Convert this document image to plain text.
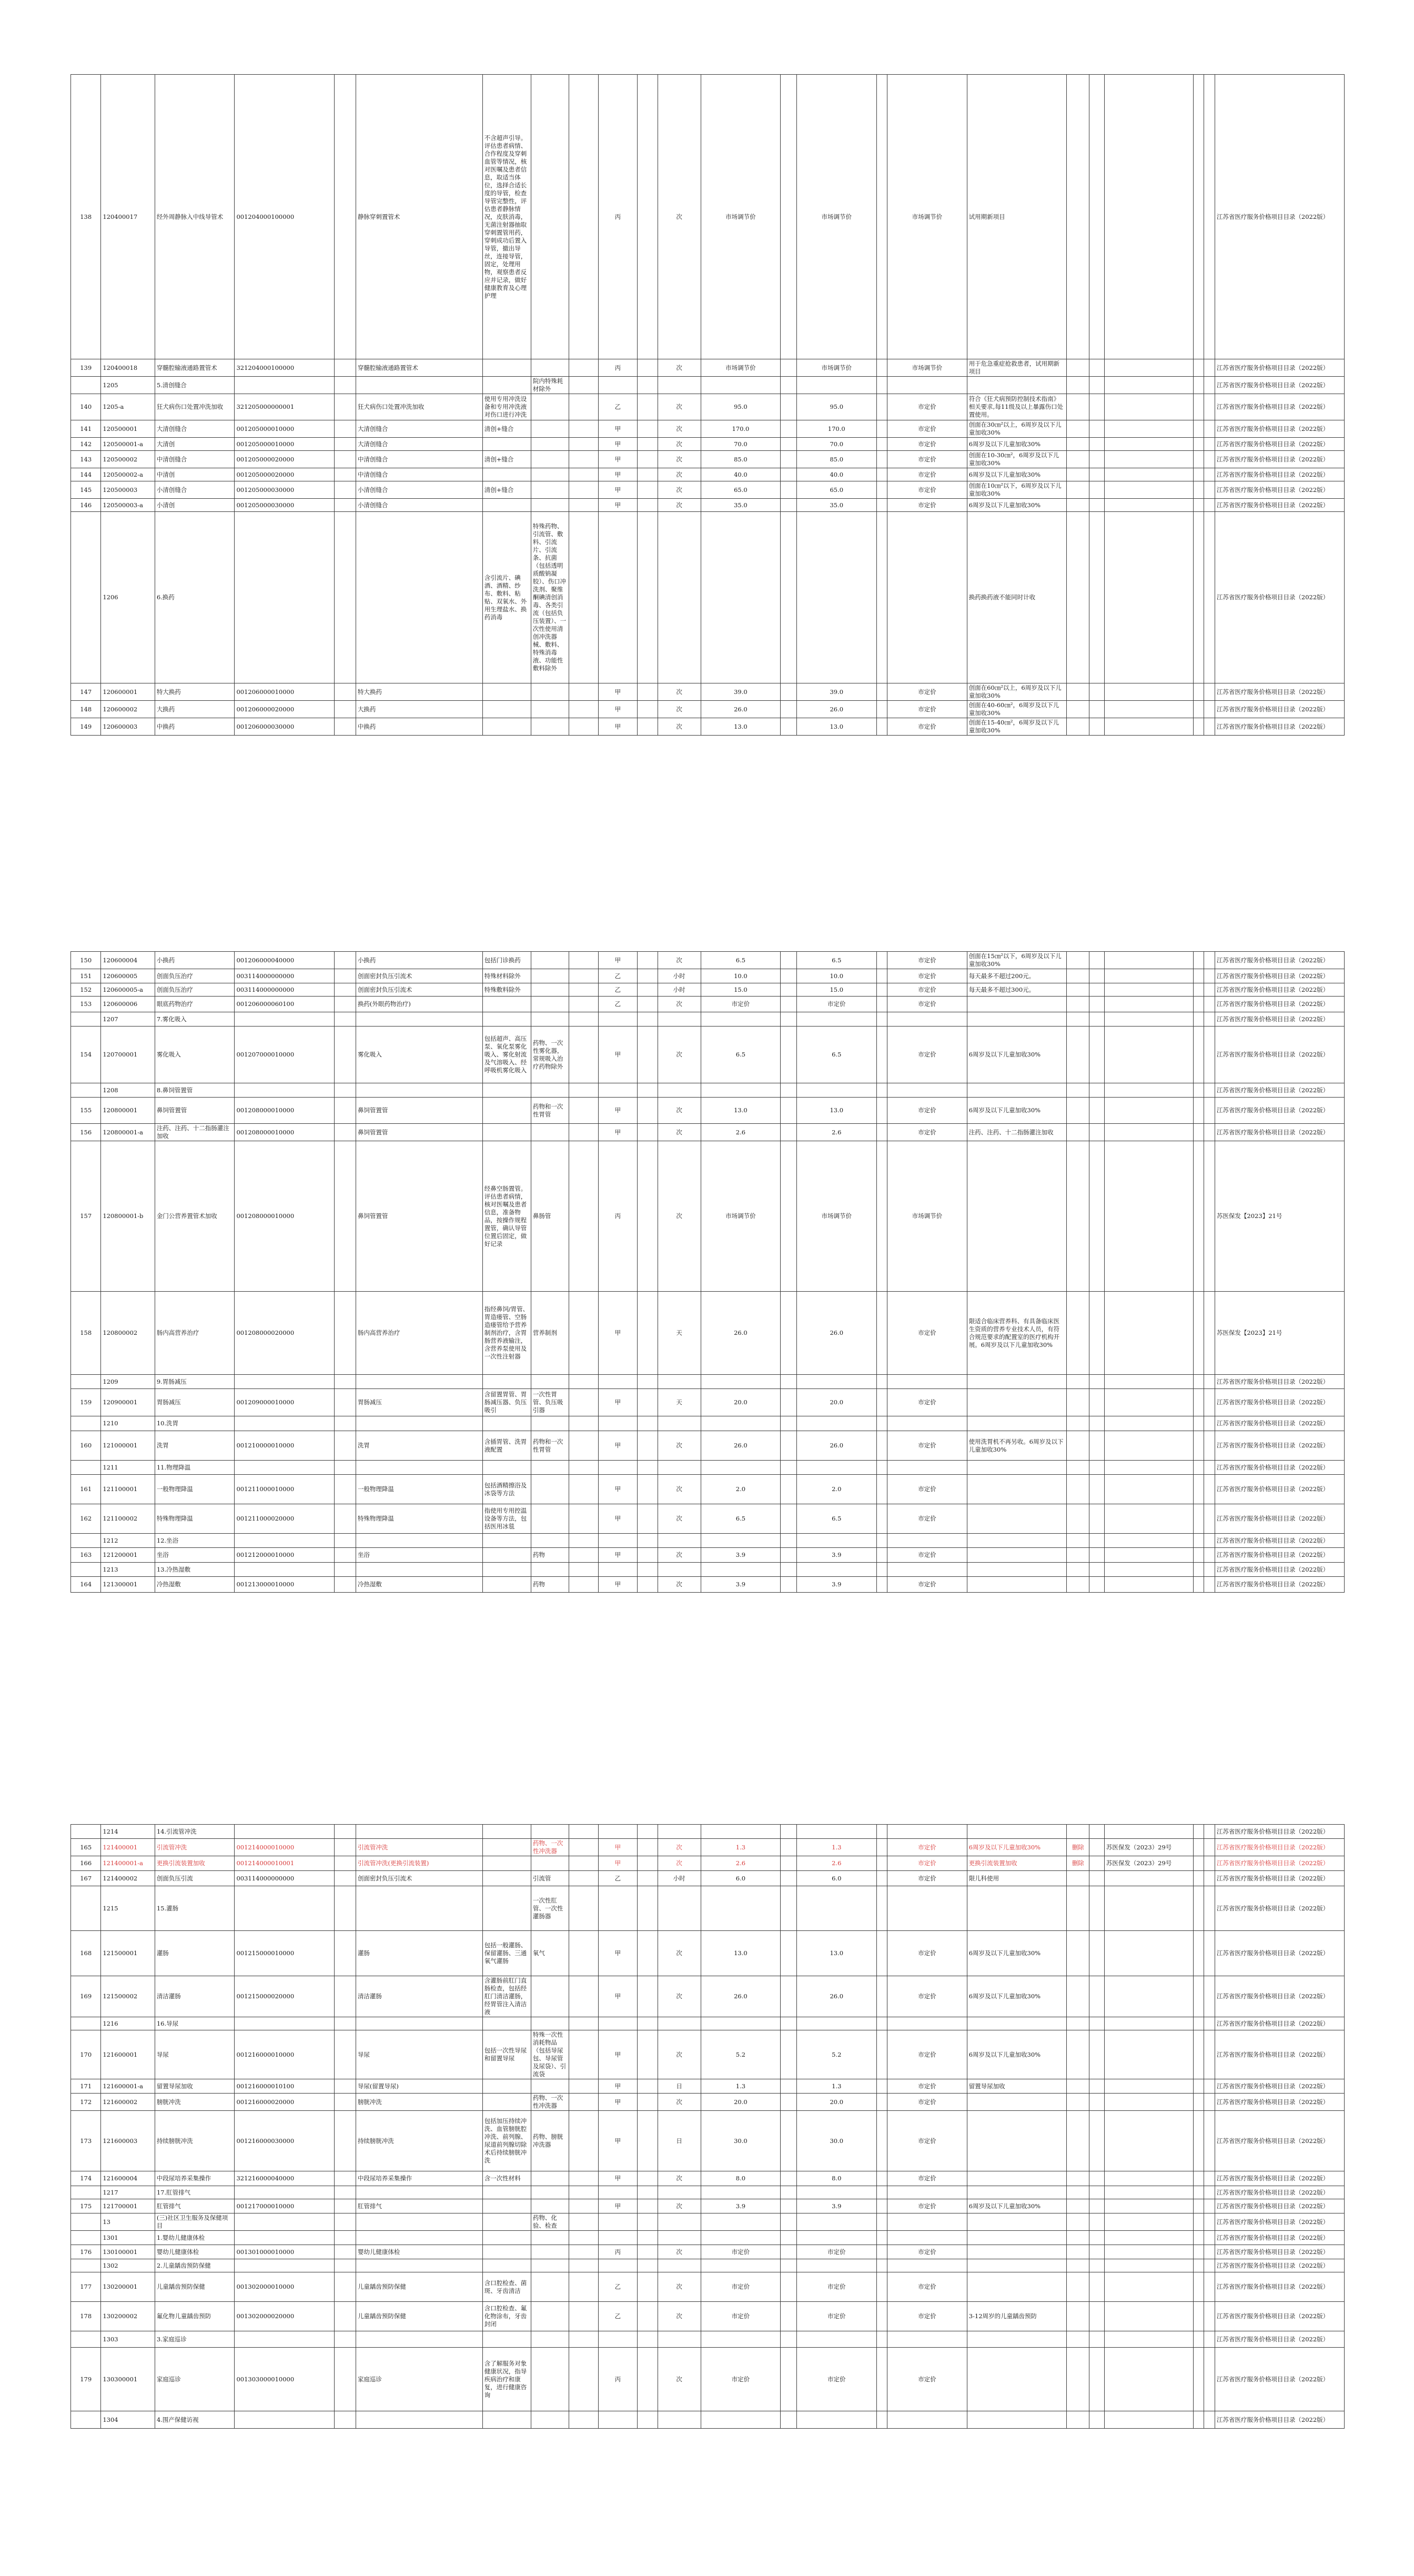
138	120400017	经外周静脉入中线导管术	001204000100000		静脉穿刺置管术	不含超声引导。评估患者病情、合作程度及穿刺血管等情况，核对医嘱及患者信息，取适当体位，选择合适长度的导管，检查导管完整性，评估患者静脉情况，皮肤消毒，无菌注射器抽取穿刺置管用药，穿刺成功后置入导管，撤出导丝，连接导管，固定，处理用物，观察患者反应并记录，做好健康教育及心理护理			丙		次	市场调节价		市场调节价		市场调节价	试用期新项目						江苏省医疗服务价格项目目录（2022版）
139	120400018	穿髓腔输液通路置管术	321204000100000		穿髓腔输液通路置管术				丙		次	市场调节价		市场调节价		市场调节价	用于危急重症抢救患者，试用期新项目						江苏省医疗服务价格项目目录（2022版）
	1205	5.清创缝合					院内特殊耗材除外																江苏省医疗服务价格项目目录（2022版）
140	1205-a	狂犬病伤口处置冲洗加收	321205000000001		狂犬病伤口处置冲洗加收	使用专用冲洗设备和专用冲洗液对伤口进行冲洗			乙		次	95.0		95.0		市定价	符合《狂犬病预防控制技术指南》相关要求,每11级及以上暴露伤口处置使用。						江苏省医疗服务价格项目目录（2022版）
141	120500001	大清创缝合	001205000010000		大清创缝合	清创+缝合			甲		次	170.0		170.0		市定价	创面在30㎝²以上，6周岁及以下儿童加收30%						江苏省医疗服务价格项目目录（2022版）
142	120500001-a	大清创	001205000010000		大清创缝合				甲		次	70.0		70.0		市定价	6周岁及以下儿童加收30%						江苏省医疗服务价格项目目录（2022版）
143	120500002	中清创缝合	001205000020000		中清创缝合	清创+缝合			甲		次	85.0		85.0		市定价	创面在10-30㎝²，6周岁及以下儿童加收30%						江苏省医疗服务价格项目目录（2022版）
144	120500002-a	中清创	001205000020000		中清创缝合				甲		次	40.0		40.0		市定价	6周岁及以下儿童加收30%						江苏省医疗服务价格项目目录（2022版）
145	120500003	小清创缝合	001205000030000		小清创缝合	清创+缝合			甲		次	65.0		65.0		市定价	创面在10㎝²以下，6周岁及以下儿童加收30%						江苏省医疗服务价格项目目录（2022版）
146	120500003-a	小清创	001205000030000		小清创缝合				甲		次	35.0		35.0		市定价	6周岁及以下儿童加收30%						江苏省医疗服务价格项目目录（2022版）
	1206	6.换药				含引流片、碘酒、酒精、纱布、敷料、粘贴、双氧水、外用生理盐水、换药消毒	特殊药物、引流管、敷料、引流片、引流条、抗菌（包括透明质酸钠凝胶）、伤口冲洗剂、聚维酮碘清创消毒、各类引流（包括负压装置）、一次性使用清创冲洗器械、敷料、特殊消毒液、功能性敷料除外										换药换药液不能同时计收						江苏省医疗服务价格项目目录（2022版）
147	120600001	特大换药	001206000010000		特大换药				甲		次	39.0		39.0		市定价	创面在60㎝²以上，6周岁及以下儿童加收30%						江苏省医疗服务价格项目目录（2022版）
148	120600002	大换药	001206000020000		大换药				甲		次	26.0		26.0		市定价	创面在40-60㎝²，6周岁及以下儿童加收30%						江苏省医疗服务价格项目目录（2022版）
149	120600003	中换药	001206000030000		中换药				甲		次	13.0		13.0		市定价	创面在15-40㎝²，6周岁及以下儿童加收30%						江苏省医疗服务价格项目目录（2022版）
150	120600004	小换药	001206000040000		小换药	包括门诊换药			甲		次	6.5		6.5		市定价	创面在15㎝²以下，6周岁及以下儿童加收30%						江苏省医疗服务价格项目目录（2022版）
151	120600005	创面负压治疗	003114000000000		创面密封负压引流术	特殊材料除外			乙		小时	10.0		10.0		市定价	每天最多不超过200元。						江苏省医疗服务价格项目目录（2022版）
152	120600005-a	创面负压治疗	003114000000000		创面密封负压引流术	特殊敷料除外			乙		小时	15.0		15.0		市定价	每天最多不超过300元。						江苏省医疗服务价格项目目录（2022版）
153	120600006	眼底药物治疗	001206000060100		换药(外眼药物治疗)				乙		次	市定价		市定价		市定价							江苏省医疗服务价格项目目录（2022版）
	1207	7.雾化吸入																					江苏省医疗服务价格项目目录（2022版）
154	120700001	雾化吸入	001207000010000		雾化吸入	包括超声、高压泵、氧化泵雾化吸入、雾化射流及气溶吸入、经呼吸机雾化吸入	药物、一次性雾化器，常规吸入治疗药物除外		甲		次	6.5		6.5		市定价	6周岁及以下儿童加收30%						江苏省医疗服务价格项目目录（2022版）
	1208	8.鼻饲管置管																					江苏省医疗服务价格项目目录（2022版）
155	120800001	鼻饲管置管	001208000010000		鼻饲管置管		药物和一次性胃管		甲		次	13.0		13.0		市定价	6周岁及以下儿童加收30%						江苏省医疗服务价格项目目录（2022版）
156	120800001-a	注药、注药、十二指肠灌注加收	001208000010000		鼻饲管置管				甲		次	2.6		2.6		市定价	注药、注药、十二指肠灌注加收						江苏省医疗服务价格项目目录（2022版）
157	120800001-b	金门公营养置管术加收	001208000010000		鼻饲管置管	经鼻空肠置管。评估患者病情，核对医嘱及患者信息，准备物品，按操作规程置管，确认导管位置后固定，做好记录	鼻肠管		丙		次	市场调节价		市场调节价		市场调节价							苏医保发【2023】21号
158	120800002	肠内高营养治疗	001208000020000		肠内高营养治疗	指经鼻饲/胃管、胃造瘘管、空肠造瘘管给予营养制剂治疗，含胃肠营养液输注，含营养泵使用及一次性注射器	营养制剂		甲		天	26.0		26.0		市定价	限适合临床营养科、有具备临床医生资质的营养专业技术人员，有符合规范要求的配置室的医疗机构开展。6周岁及以下儿童加收30%						苏医保发【2023】21号
	1209	9.胃肠减压																					江苏省医疗服务价格项目目录（2022版）
159	120900001	胃肠减压	001209000010000		胃肠减压	含留置胃管、胃肠减压器、负压吸引	一次性胃管、负压吸引器		甲		天	20.0		20.0		市定价							江苏省医疗服务价格项目目录（2022版）
	1210	10.洗胃																					江苏省医疗服务价格项目目录（2022版）
160	121000001	洗胃	001210000010000		洗胃	含插胃管、洗胃液配置	药物和一次性胃管		甲		次	26.0		26.0		市定价	使用洗胃机不再另收。6周岁及以下儿童加收30%						江苏省医疗服务价格项目目录（2022版）
	1211	11.物理降温																					江苏省医疗服务价格项目目录（2022版）
161	121100001	一般物理降温	001211000010000		一般物理降温	包括酒精擦浴及冰袋等方法			甲		次	2.0		2.0		市定价							江苏省医疗服务价格项目目录（2022版）
162	121100002	特殊物理降温	001211000020000		特殊物理降温	指使用专用控温设备等方法，包括医用冰毯			甲		次	6.5		6.5		市定价							江苏省医疗服务价格项目目录（2022版）
	1212	12.坐浴																					江苏省医疗服务价格项目目录（2022版）
163	121200001	坐浴	001212000010000		坐浴		药物		甲		次	3.9		3.9		市定价							江苏省医疗服务价格项目目录（2022版）
	1213	13.冷热湿敷																					江苏省医疗服务价格项目目录（2022版）
164	121300001	冷热湿敷	001213000010000		冷热湿敷		药物		甲		次	3.9		3.9		市定价							江苏省医疗服务价格项目目录（2022版）
	1214	14.引流管冲洗																					江苏省医疗服务价格项目目录（2022版）
165	121400001	引流管冲洗	001214000010000		引流管冲洗		药物、一次性冲洗器		甲		次	1.3		1.3		市定价	6周岁及以下儿童加收30%	删除		苏医保发（2023）29号			江苏省医疗服务价格项目目录（2022版）
166	121400001-a	更换引流装置加收	001214000010001		引流管冲洗(更换引流装置)				甲		次	2.6		2.6		市定价	更换引流装置加收	删除		苏医保发（2023）29号			江苏省医疗服务价格项目目录（2022版）
167	121400002	创面负压引流	003114000000000		创面密封负压引流术		引流管		乙		小时	6.0		6.0		市定价	限儿科使用						江苏省医疗服务价格项目目录（2022版）
	1215	15.灌肠					一次性肛管、一次性灌肠器																江苏省医疗服务价格项目目录（2022版）
168	121500001	灌肠	001215000010000		灌肠	包括一般灌肠、保留灌肠、三通氧气灌肠	氧气		甲		次	13.0		13.0		市定价	6周岁及以下儿童加收30%						江苏省医疗服务价格项目目录（2022版）
169	121500002	清洁灌肠	001215000020000		清洁灌肠	含灌肠前肛门直肠检查，包括经肛门清洁灌肠，经胃管注入清洁液			甲		次	26.0		26.0		市定价	6周岁及以下儿童加收30%						江苏省医疗服务价格项目目录（2022版）
	1216	16.导尿																					江苏省医疗服务价格项目目录（2022版）
170	121600001	导尿	001216000010000		导尿	包括一次性导尿和留置导尿	特殊一次性消耗物品（包括导尿包、导尿管及尿袋）、引流袋		甲		次	5.2		5.2		市定价	6周岁及以下儿童加收30%						江苏省医疗服务价格项目目录（2022版）
171	121600001-a	留置导尿加收	001216000010100		导尿(留置导尿)				甲		日	1.3		1.3		市定价	留置导尿加收						江苏省医疗服务价格项目目录（2022版）
172	121600002	膀胱冲洗	001216000020000		膀胱冲洗		药物、一次性冲洗器		甲		次	20.0		20.0		市定价							江苏省医疗服务价格项目目录（2022版）
173	121600003	持续膀胱冲洗	001216000030000		持续膀胱冲洗	包括加压持续冲洗、血管膀胱腔冲洗、前列腺、尿道前列腺切除术后持续膀胱冲洗	药物、膀胱冲洗器		甲		日	30.0		30.0		市定价							江苏省医疗服务价格项目目录（2022版）
174	121600004	中段尿培养采集操作	321216000040000		中段尿培养采集操作	含一次性材料			甲		次	8.0		8.0		市定价							江苏省医疗服务价格项目目录（2022版）
	1217	17.肛管排气																					江苏省医疗服务价格项目目录（2022版）
175	121700001	肛管排气	001217000010000		肛管排气				甲		次	3.9		3.9		市定价	6周岁及以下儿童加收30%						江苏省医疗服务价格项目目录（2022版）
	13	(三)社区卫生服务及保健项目					药物、化验、检查																江苏省医疗服务价格项目目录（2022版）
	1301	1.婴幼儿健康体检																					江苏省医疗服务价格项目目录（2022版）
176	130100001	婴幼儿健康体检	001301000010000		婴幼儿健康体检				丙		次	市定价		市定价		市定价							江苏省医疗服务价格项目目录（2022版）
	1302	2.儿童龋齿预防保健																					江苏省医疗服务价格项目目录（2022版）
177	130200001	儿童龋齿预防保健	001302000010000		儿童龋齿预防保健	含口腔检查、菌斑、牙齿清洁			乙		次	市定价		市定价		市定价							江苏省医疗服务价格项目目录（2022版）
178	130200002	氟化物儿童龋齿预防	001302000020000		儿童龋齿预防保健	含口腔检查、氟化物涂布，牙齿封闭			乙		次	市定价		市定价		市定价	3-12周岁的儿童龋齿预防						江苏省医疗服务价格项目目录（2022版）
	1303	3.家庭巡诊																					江苏省医疗服务价格项目目录（2022版）
179	130300001	家庭巡诊	001303000010000		家庭巡诊	含了解服务对象健康状况，指导疾病治疗和康复，进行健康咨询			丙		次	市定价		市定价		市定价							江苏省医疗服务价格项目目录（2022版）
	1304	4.围产保健访视																					江苏省医疗服务价格项目目录（2022版）
